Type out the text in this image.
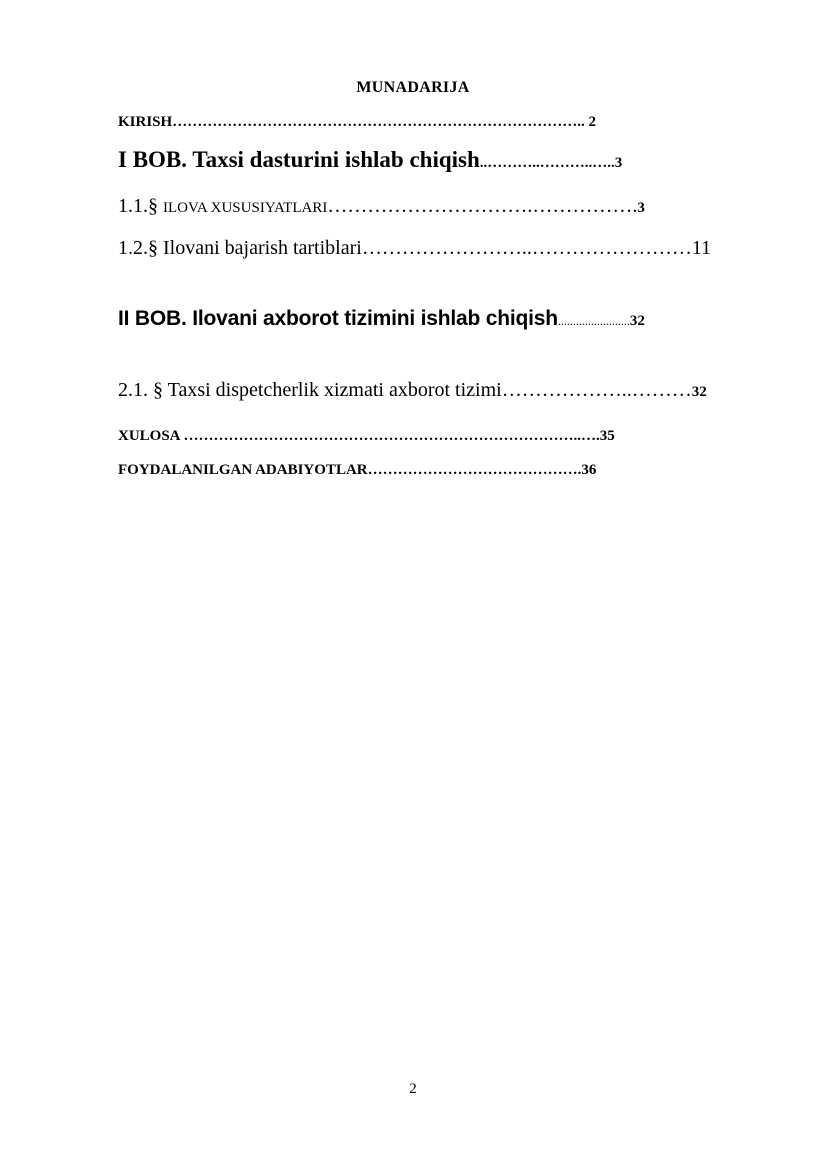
MUNADARIJA
KIRISH……………………………………………………………………….. 2
I BOB. Taxsi dasturini ishlab chiqish..………..………..…..3
1.1.§ ILOVA XUSUSIYATLARI………………………….…………….3
1.2.§ Ilovani bajarish tartiblari……………………..……………………11
II BOB. Ilovani axborot tizimini ishlab chiqish........................32
2.1. § Taxsi dispetcherlik xizmati axborot tizimi………………..………32
XULOSA ……………………………………………………………………..….35
FOYDALANILGAN ADABIYOTLAR…………………………………….36
2
